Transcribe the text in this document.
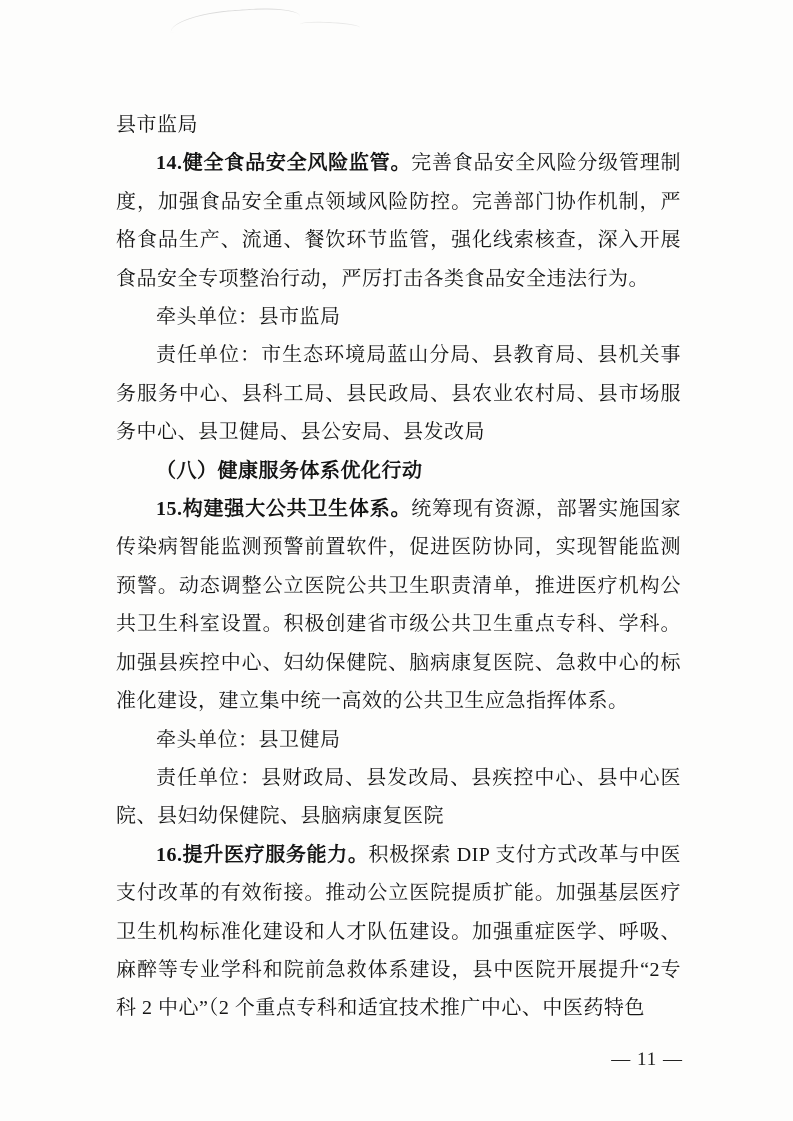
县市监局

14.健全食品安全风险监管。完善食品安全风险分级管理制度，加强食品安全重点领域风险防控。完善部门协作机制，严格食品生产、流通、餐饮环节监管，强化线索核查，深入开展食品安全专项整治行动，严厉打击各类食品安全违法行为。

牵头单位：县市监局

责任单位：市生态环境局蓝山分局、县教育局、县机关事务服务中心、县科工局、县民政局、县农业农村局、县市场服务中心、县卫健局、县公安局、县发改局

（八）健康服务体系优化行动

15.构建强大公共卫生体系。统筹现有资源，部署实施国家传染病智能监测预警前置软件，促进医防协同，实现智能监测预警。动态调整公立医院公共卫生职责清单，推进医疗机构公共卫生科室设置。积极创建省市级公共卫生重点专科、学科。加强县疾控中心、妇幼保健院、脑病康复医院、急救中心的标准化建设，建立集中统一高效的公共卫生应急指挥体系。

牵头单位：县卫健局

责任单位：县财政局、县发改局、县疾控中心、县中心医院、县妇幼保健院、县脑病康复医院

16.提升医疗服务能力。积极探索 DIP 支付方式改革与中医支付改革的有效衔接。推动公立医院提质扩能。加强基层医疗卫生机构标准化建设和人才队伍建设。加强重症医学、呼吸、麻醉等专业学科和院前急救体系建设，县中医院开展提升“2专科 2 中心”（2 个重点专科和适宜技术推广中心、中医药特色

— 11 —
